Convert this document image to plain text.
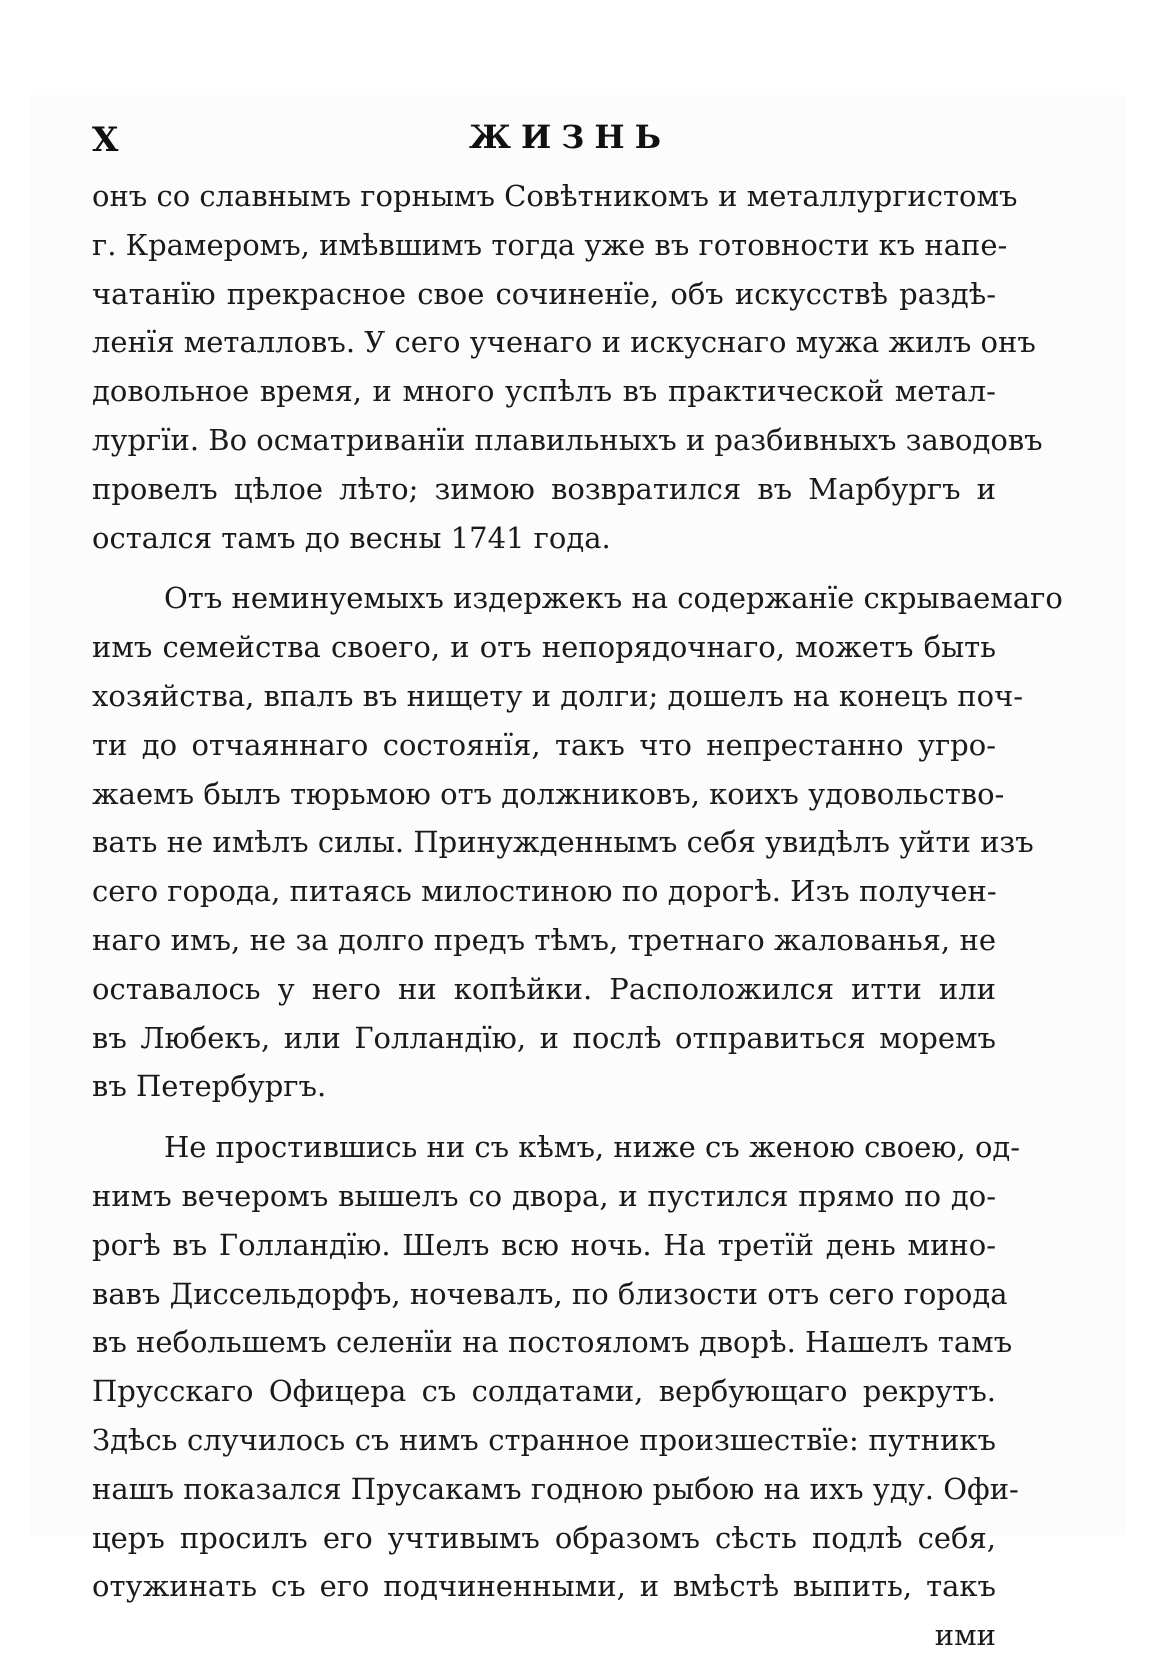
X	ЖИЗНЬ
онъ со славнымъ горнымъ Совѣтникомъ и металлургистомъ
г. Крамеромъ, имѣвшимъ тогда уже въ готовности къ напе-
чатанїю прекрасное свое сочиненїе, объ искусствѣ раздѣ-
ленїя металловъ. У сего ученаго и искуснаго мужа жилъ онъ
довольное время, и много успѣлъ въ практической метал-
лургїи. Во осматриванїи плавильныхъ и разбивныхъ заводовъ
провелъ цѣлое лѣто; зимою возвратился въ Марбургъ и
остался тамъ до весны 1741 года.
Отъ неминуемыхъ издержекъ на содержанїе скрываемаго
имъ семейства своего, и отъ непорядочнаго, можетъ быть
хозяйства, впалъ въ нищету и долги; дошелъ на конецъ поч-
ти до отчаяннаго состоянїя, такъ что непрестанно угро-
жаемъ былъ тюрьмою отъ должниковъ, коихъ удовольство-
вать не имѣлъ силы. Принужденнымъ себя увидѣлъ уйти изъ
сего города, питаясь милостиною по дорогѣ. Изъ получен-
наго имъ, не за долго предъ тѣмъ, третнаго жалованья, не
оставалось у него ни копѣйки. Расположился итти или
въ Любекъ, или Голландїю, и послѣ отправиться моремъ
въ Петербургъ.
Не простившись ни съ кѣмъ, ниже съ женою своею, од-
нимъ вечеромъ вышелъ со двора, и пустился прямо по до-
рогѣ въ Голландїю. Шелъ всю ночь. На третїй день мино-
вавъ Диссельдорфъ, ночевалъ, по близости отъ сего города
въ небольшемъ селенїи на постояломъ дворѣ. Нашелъ тамъ
Прусскаго Офицера съ солдатами, вербующаго рекрутъ.
Здѣсь случилось съ нимъ странное произшествїе: путникъ
нашъ показался Прусакамъ годною рыбою на ихъ уду. Офи-
церъ просилъ его учтивымъ образомъ сѣсть подлѣ себя,
отужинать съ его подчиненными, и вмѣстѣ выпить, такъ
ими
